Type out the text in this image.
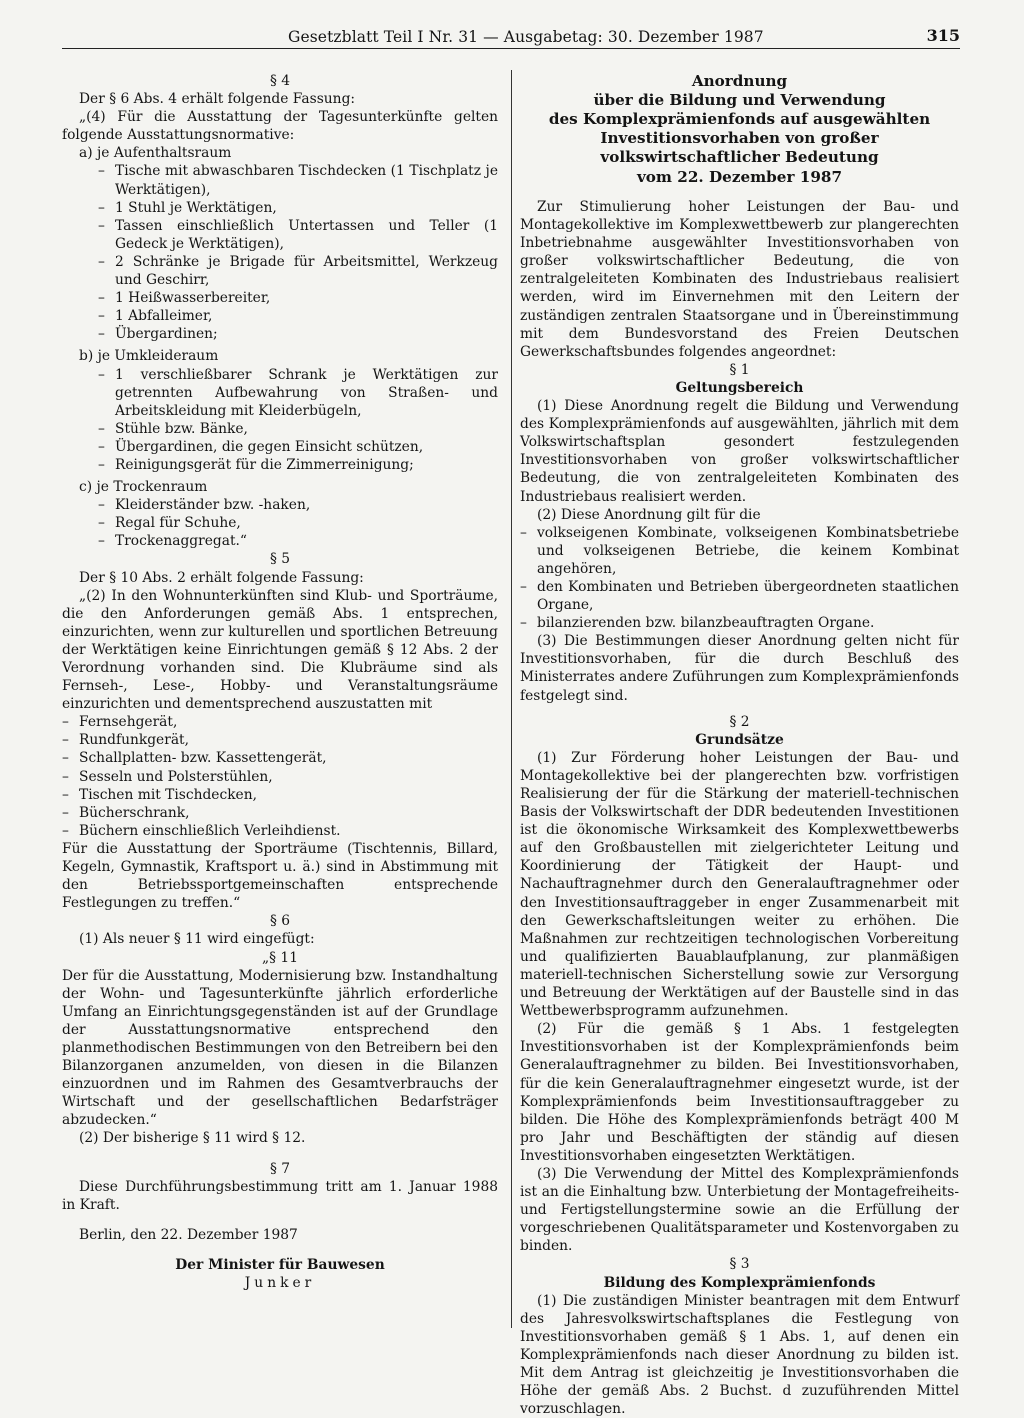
Gesetzblatt Teil I Nr. 31 — Ausgabetag: 30. Dezember 1987	315

§ 4

Der § 6 Abs. 4 erhält folgende Fassung:

„(4) Für die Ausstattung der Tagesunterkünfte gelten folgende Ausstattungsnormative:

a) je Aufenthaltsraum

– Tische mit abwaschbaren Tischdecken (1 Tischplatz je Werktätigen),
– 1 Stuhl je Werktätigen,
– Tassen einschließlich Untertassen und Teller (1 Gedeck je Werktätigen),
– 2 Schränke je Brigade für Arbeitsmittel, Werkzeug und Geschirr,
– 1 Heißwasserbereiter,
– 1 Abfalleimer,
– Übergardinen;

b) je Umkleideraum

– 1 verschließbarer Schrank je Werktätigen zur getrennten Aufbewahrung von Straßen- und Arbeitskleidung mit Kleiderbügeln,
– Stühle bzw. Bänke,
– Übergardinen, die gegen Einsicht schützen,
– Reinigungsgerät für die Zimmerreinigung;

c) je Trockenraum

– Kleiderständer bzw. -haken,
– Regal für Schuhe,
– Trockenaggregat.“

§ 5

Der § 10 Abs. 2 erhält folgende Fassung:

„(2) In den Wohnunterkünften sind Klub- und Sporträume, die den Anforderungen gemäß Abs. 1 entsprechen, einzurichten, wenn zur kulturellen und sportlichen Betreuung der Werktätigen keine Einrichtungen gemäß § 12 Abs. 2 der Verordnung vorhanden sind. Die Klubräume sind als Fernseh-, Lese-, Hobby- und Veranstaltungsräume einzurichten und dementsprechend auszustatten mit

– Fernsehgerät,
– Rundfunkgerät,
– Schallplatten- bzw. Kassettengerät,
– Sesseln und Polsterstühlen,
– Tischen mit Tischdecken,
– Bücherschrank,
– Büchern einschließlich Verleihdienst.

Für die Ausstattung der Sporträume (Tischtennis, Billard, Kegeln, Gymnastik, Kraftsport u. ä.) sind in Abstimmung mit den Betriebssportgemeinschaften entsprechende Festlegungen zu treffen.“

§ 6

(1) Als neuer § 11 wird eingefügt:

„§ 11

Der für die Ausstattung, Modernisierung bzw. Instandhaltung der Wohn- und Tagesunterkünfte jährlich erforderliche Umfang an Einrichtungsgegenständen ist auf der Grundlage der Ausstattungsnormative entsprechend den planmethodischen Bestimmungen von den Betreibern bei den Bilanzorganen anzumelden, von diesen in die Bilanzen einzuordnen und im Rahmen des Gesamtverbrauchs der Wirtschaft und der gesellschaftlichen Bedarfsträger abzudecken.“

(2) Der bisherige § 11 wird § 12.

§ 7

Diese Durchführungsbestimmung tritt am 1. Januar 1988 in Kraft.

Berlin, den 22. Dezember 1987

Der Minister für Bauwesen

Junker

Anordnung

über die Bildung und Verwendung

des Komplexprämienfonds auf ausgewählten

Investitionsvorhaben von großer

volkswirtschaftlicher Bedeutung

vom 22. Dezember 1987

Zur Stimulierung hoher Leistungen der Bau- und Montagekollektive im Komplexwettbewerb zur plangerechten Inbetriebnahme ausgewählter Investitionsvorhaben von großer volkswirtschaftlicher Bedeutung, die von zentralgeleiteten Kombinaten des Industriebaus realisiert werden, wird im Einvernehmen mit den Leitern der zuständigen zentralen Staatsorgane und in Übereinstimmung mit dem Bundesvorstand des Freien Deutschen Gewerkschaftsbundes folgendes angeordnet:

§ 1

Geltungsbereich

(1) Diese Anordnung regelt die Bildung und Verwendung des Komplexprämienfonds auf ausgewählten, jährlich mit dem Volkswirtschaftsplan gesondert festzulegenden Investitionsvorhaben von großer volkswirtschaftlicher Bedeutung, die von zentralgeleiteten Kombinaten des Industriebaus realisiert werden.

(2) Diese Anordnung gilt für die

– volkseigenen Kombinate, volkseigenen Kombinatsbetriebe und volkseigenen Betriebe, die keinem Kombinat angehören,
– den Kombinaten und Betrieben übergeordneten staatlichen Organe,
– bilanzierenden bzw. bilanzbeauftragten Organe.

(3) Die Bestimmungen dieser Anordnung gelten nicht für Investitionsvorhaben, für die durch Beschluß des Ministerrates andere Zuführungen zum Komplexprämienfonds festgelegt sind.

§ 2

Grundsätze

(1) Zur Förderung hoher Leistungen der Bau- und Montagekollektive bei der plangerechten bzw. vorfristigen Realisierung der für die Stärkung der materiell-technischen Basis der Volkswirtschaft der DDR bedeutenden Investitionen ist die ökonomische Wirksamkeit des Komplexwettbewerbs auf den Großbaustellen mit zielgerichteter Leitung und Koordinierung der Tätigkeit der Haupt- und Nachauftragnehmer durch den Generalauftragnehmer oder den Investitionsauftraggeber in enger Zusammenarbeit mit den Gewerkschaftsleitungen weiter zu erhöhen. Die Maßnahmen zur rechtzeitigen technologischen Vorbereitung und qualifizierten Bauablaufplanung, zur planmäßigen materiell-technischen Sicherstellung sowie zur Versorgung und Betreuung der Werktätigen auf der Baustelle sind in das Wettbewerbsprogramm aufzunehmen.

(2) Für die gemäß § 1 Abs. 1 festgelegten Investitionsvorhaben ist der Komplexprämienfonds beim Generalauftragnehmer zu bilden. Bei Investitionsvorhaben, für die kein Generalauftragnehmer eingesetzt wurde, ist der Komplexprämienfonds beim Investitionsauftraggeber zu bilden. Die Höhe des Komplexprämienfonds beträgt 400 M pro Jahr und Beschäftigten der ständig auf diesen Investitionsvorhaben eingesetzten Werktätigen.

(3) Die Verwendung der Mittel des Komplexprämienfonds ist an die Einhaltung bzw. Unterbietung der Montagefreiheits- und Fertigstellungstermine sowie an die Erfüllung der vorgeschriebenen Qualitätsparameter und Kostenvorgaben zu binden.

§ 3

Bildung des Komplexprämienfonds

(1) Die zuständigen Minister beantragen mit dem Entwurf des Jahresvolkswirtschaftsplanes die Festlegung von Investitionsvorhaben gemäß § 1 Abs. 1, auf denen ein Komplexprämienfonds nach dieser Anordnung zu bilden ist. Mit dem Antrag ist gleichzeitig je Investitionsvorhaben die Höhe der gemäß Abs. 2 Buchst. d zuzuführenden Mittel vorzuschlagen.
